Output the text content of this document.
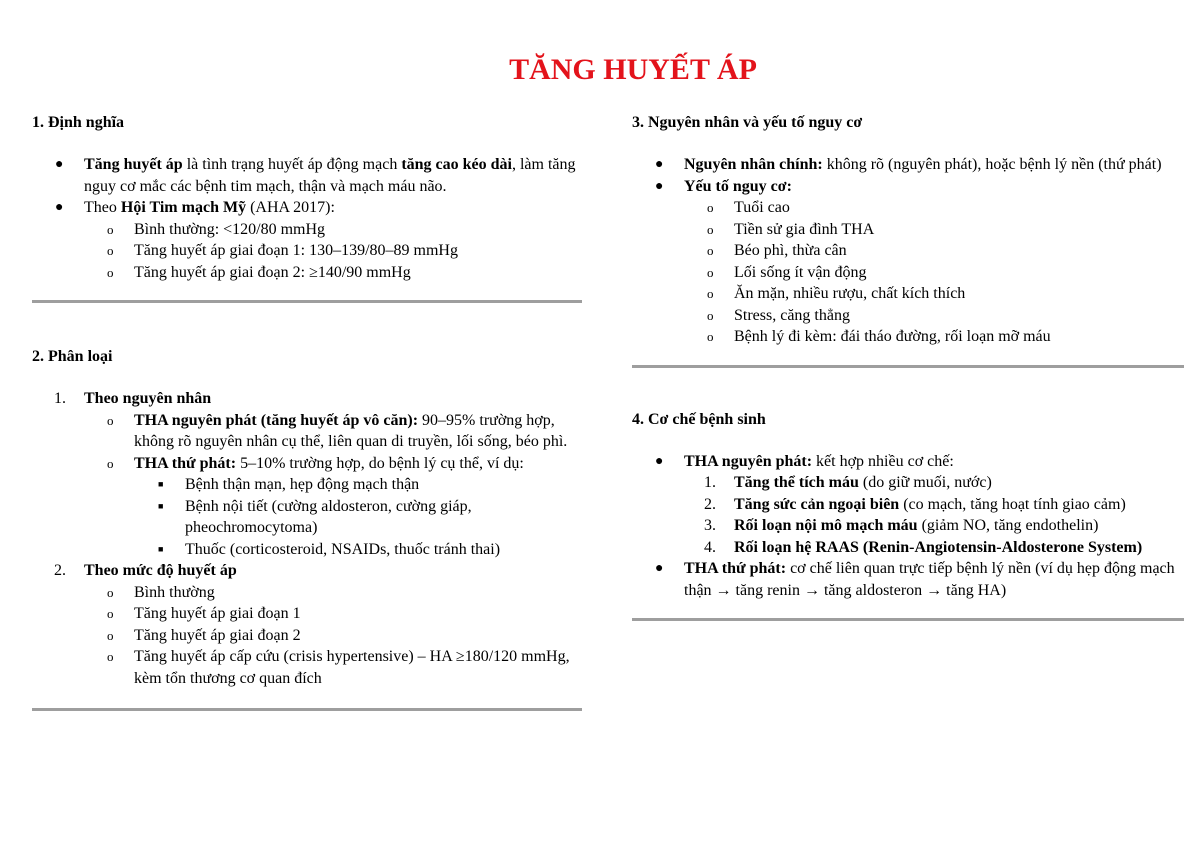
TĂNG HUYẾT ÁP
1. Định nghĩa
● Tăng huyết áp là tình trạng huyết áp động mạch tăng cao kéo dài, làm tăng nguy cơ mắc các bệnh tim mạch, thận và mạch máu não.
● Theo Hội Tim mạch Mỹ (AHA 2017):
o Bình thường: <120/80 mmHg
o Tăng huyết áp giai đoạn 1: 130–139/80–89 mmHg
o Tăng huyết áp giai đoạn 2: ≥140/90 mmHg
2. Phân loại
1. Theo nguyên nhân
o THA nguyên phát (tăng huyết áp vô căn): 90–95% trường hợp, không rõ nguyên nhân cụ thể, liên quan di truyền, lối sống, béo phì.
o THA thứ phát: 5–10% trường hợp, do bệnh lý cụ thể, ví dụ:
■ Bệnh thận mạn, hẹp động mạch thận
■ Bệnh nội tiết (cường aldosteron, cường giáp, pheochromocytoma)
■ Thuốc (corticosteroid, NSAIDs, thuốc tránh thai)
2. Theo mức độ huyết áp
o Bình thường
o Tăng huyết áp giai đoạn 1
o Tăng huyết áp giai đoạn 2
o Tăng huyết áp cấp cứu (crisis hypertensive) – HA ≥180/120 mmHg, kèm tổn thương cơ quan đích
3. Nguyên nhân và yếu tố nguy cơ
● Nguyên nhân chính: không rõ (nguyên phát), hoặc bệnh lý nền (thứ phát)
● Yếu tố nguy cơ:
o Tuổi cao
o Tiền sử gia đình THA
o Béo phì, thừa cân
o Lối sống ít vận động
o Ăn mặn, nhiều rượu, chất kích thích
o Stress, căng thẳng
o Bệnh lý đi kèm: đái tháo đường, rối loạn mỡ máu
4. Cơ chế bệnh sinh
● THA nguyên phát: kết hợp nhiều cơ chế:
1. Tăng thể tích máu (do giữ muối, nước)
2. Tăng sức cản ngoại biên (co mạch, tăng hoạt tính giao cảm)
3. Rối loạn nội mô mạch máu (giảm NO, tăng endothelin)
4. Rối loạn hệ RAAS (Renin-Angiotensin-Aldosterone System)
● THA thứ phát: cơ chế liên quan trực tiếp bệnh lý nền (ví dụ hẹp động mạch thận → tăng renin → tăng aldosteron → tăng HA)
